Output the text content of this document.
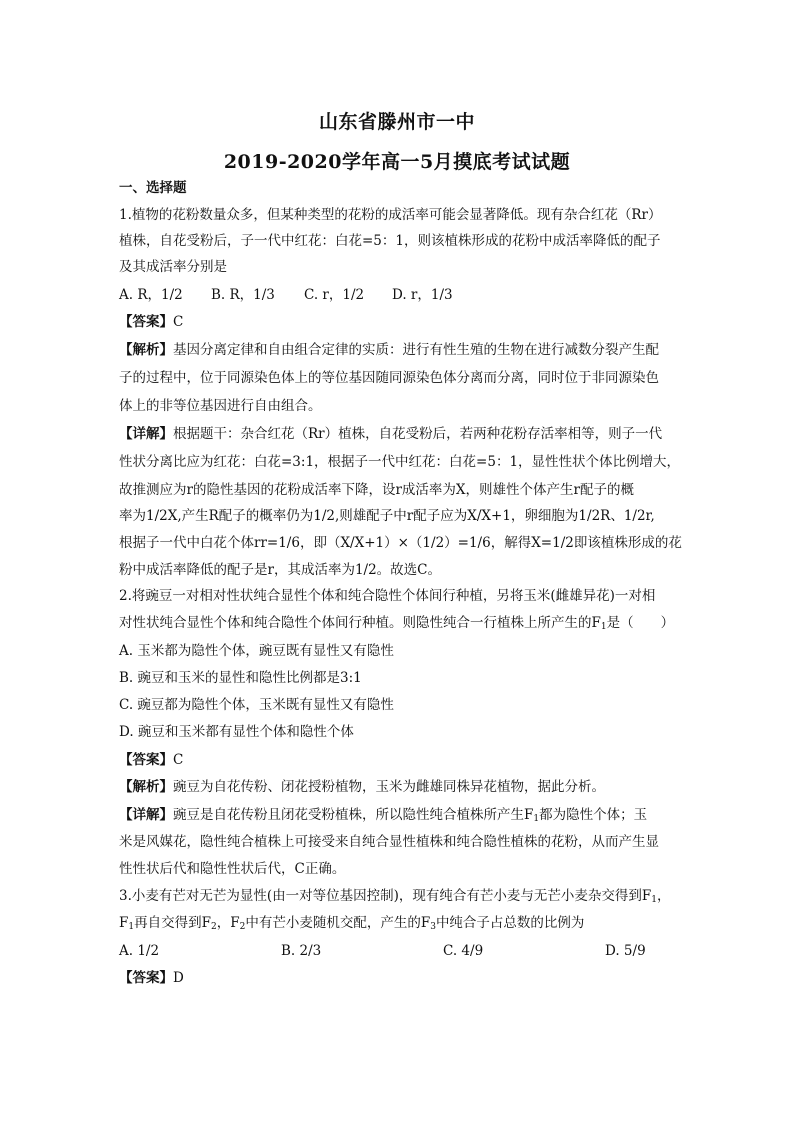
山东省滕州市一中
2019-2020学年高一5月摸底考试试题
一、选择题
1.植物的花粉数量众多，但某种类型的花粉的成活率可能会显著降低。现有杂合红花（Rr）
植株，自花受粉后，子一代中红花：白花=5：1，则该植株形成的花粉中成活率降低的配子
及其成活率分别是
A. R，1/2 B. R，1/3 C. r，1/2 D. r，1/3
【答案】C
【解析】基因分离定律和自由组合定律的实质：进行有性生殖的生物在进行减数分裂产生配
子的过程中，位于同源染色体上的等位基因随同源染色体分离而分离，同时位于非同源染色
体上的非等位基因进行自由组合。
【详解】根据题干：杂合红花（Rr）植株，自花受粉后，若两种花粉存活率相等，则子一代
性状分离比应为红花：白花=3:1，根据子一代中红花：白花=5：1，显性性状个体比例增大，
故推测应为r的隐性基因的花粉成活率下降，设r成活率为X，则雄性个体产生r配子的概
率为1/2X,产生R配子的概率仍为1/2,则雄配子中r配子应为X/X+1，卵细胞为1/2R、1/2r,
根据子一代中白花个体rr=1/6，即（X/X+1）×（1/2）=1/6，解得X=1/2即该植株形成的花
粉中成活率降低的配子是r，其成活率为1/2。故选C。
2.将豌豆一对相对性状纯合显性个体和纯合隐性个体间行种植，另将玉米(雌雄异花)一对相
对性状纯合显性个体和纯合隐性个体间行种植。则隐性纯合一行植株上所产生的$F_1$是（　　）
A. 玉米都为隐性个体，豌豆既有显性又有隐性
B. 豌豆和玉米的显性和隐性比例都是3:1
C. 豌豆都为隐性个体，玉米既有显性又有隐性
D. 豌豆和玉米都有显性个体和隐性个体
【答案】C
【解析】豌豆为自花传粉、闭花授粉植物，玉米为雌雄同株异花植物，据此分析。
【详解】豌豆是自花传粉且闭花受粉植株，所以隐性纯合植株所产生$F_1$都为隐性个体；玉
米是风媒花，隐性纯合植株上可接受来自纯合显性植株和纯合隐性植株的花粉，从而产生显
性性状后代和隐性性状后代，C正确。
3.小麦有芒对无芒为显性(由一对等位基因控制)，现有纯合有芒小麦与无芒小麦杂交得到$F_1$，
$F_1$再自交得到$F_2$，$F_2$中有芒小麦随机交配，产生的$F_3$中纯合子占总数的比例为
A. 1/2	B. 2/3	C. 4/9	D. 5/9
【答案】D
